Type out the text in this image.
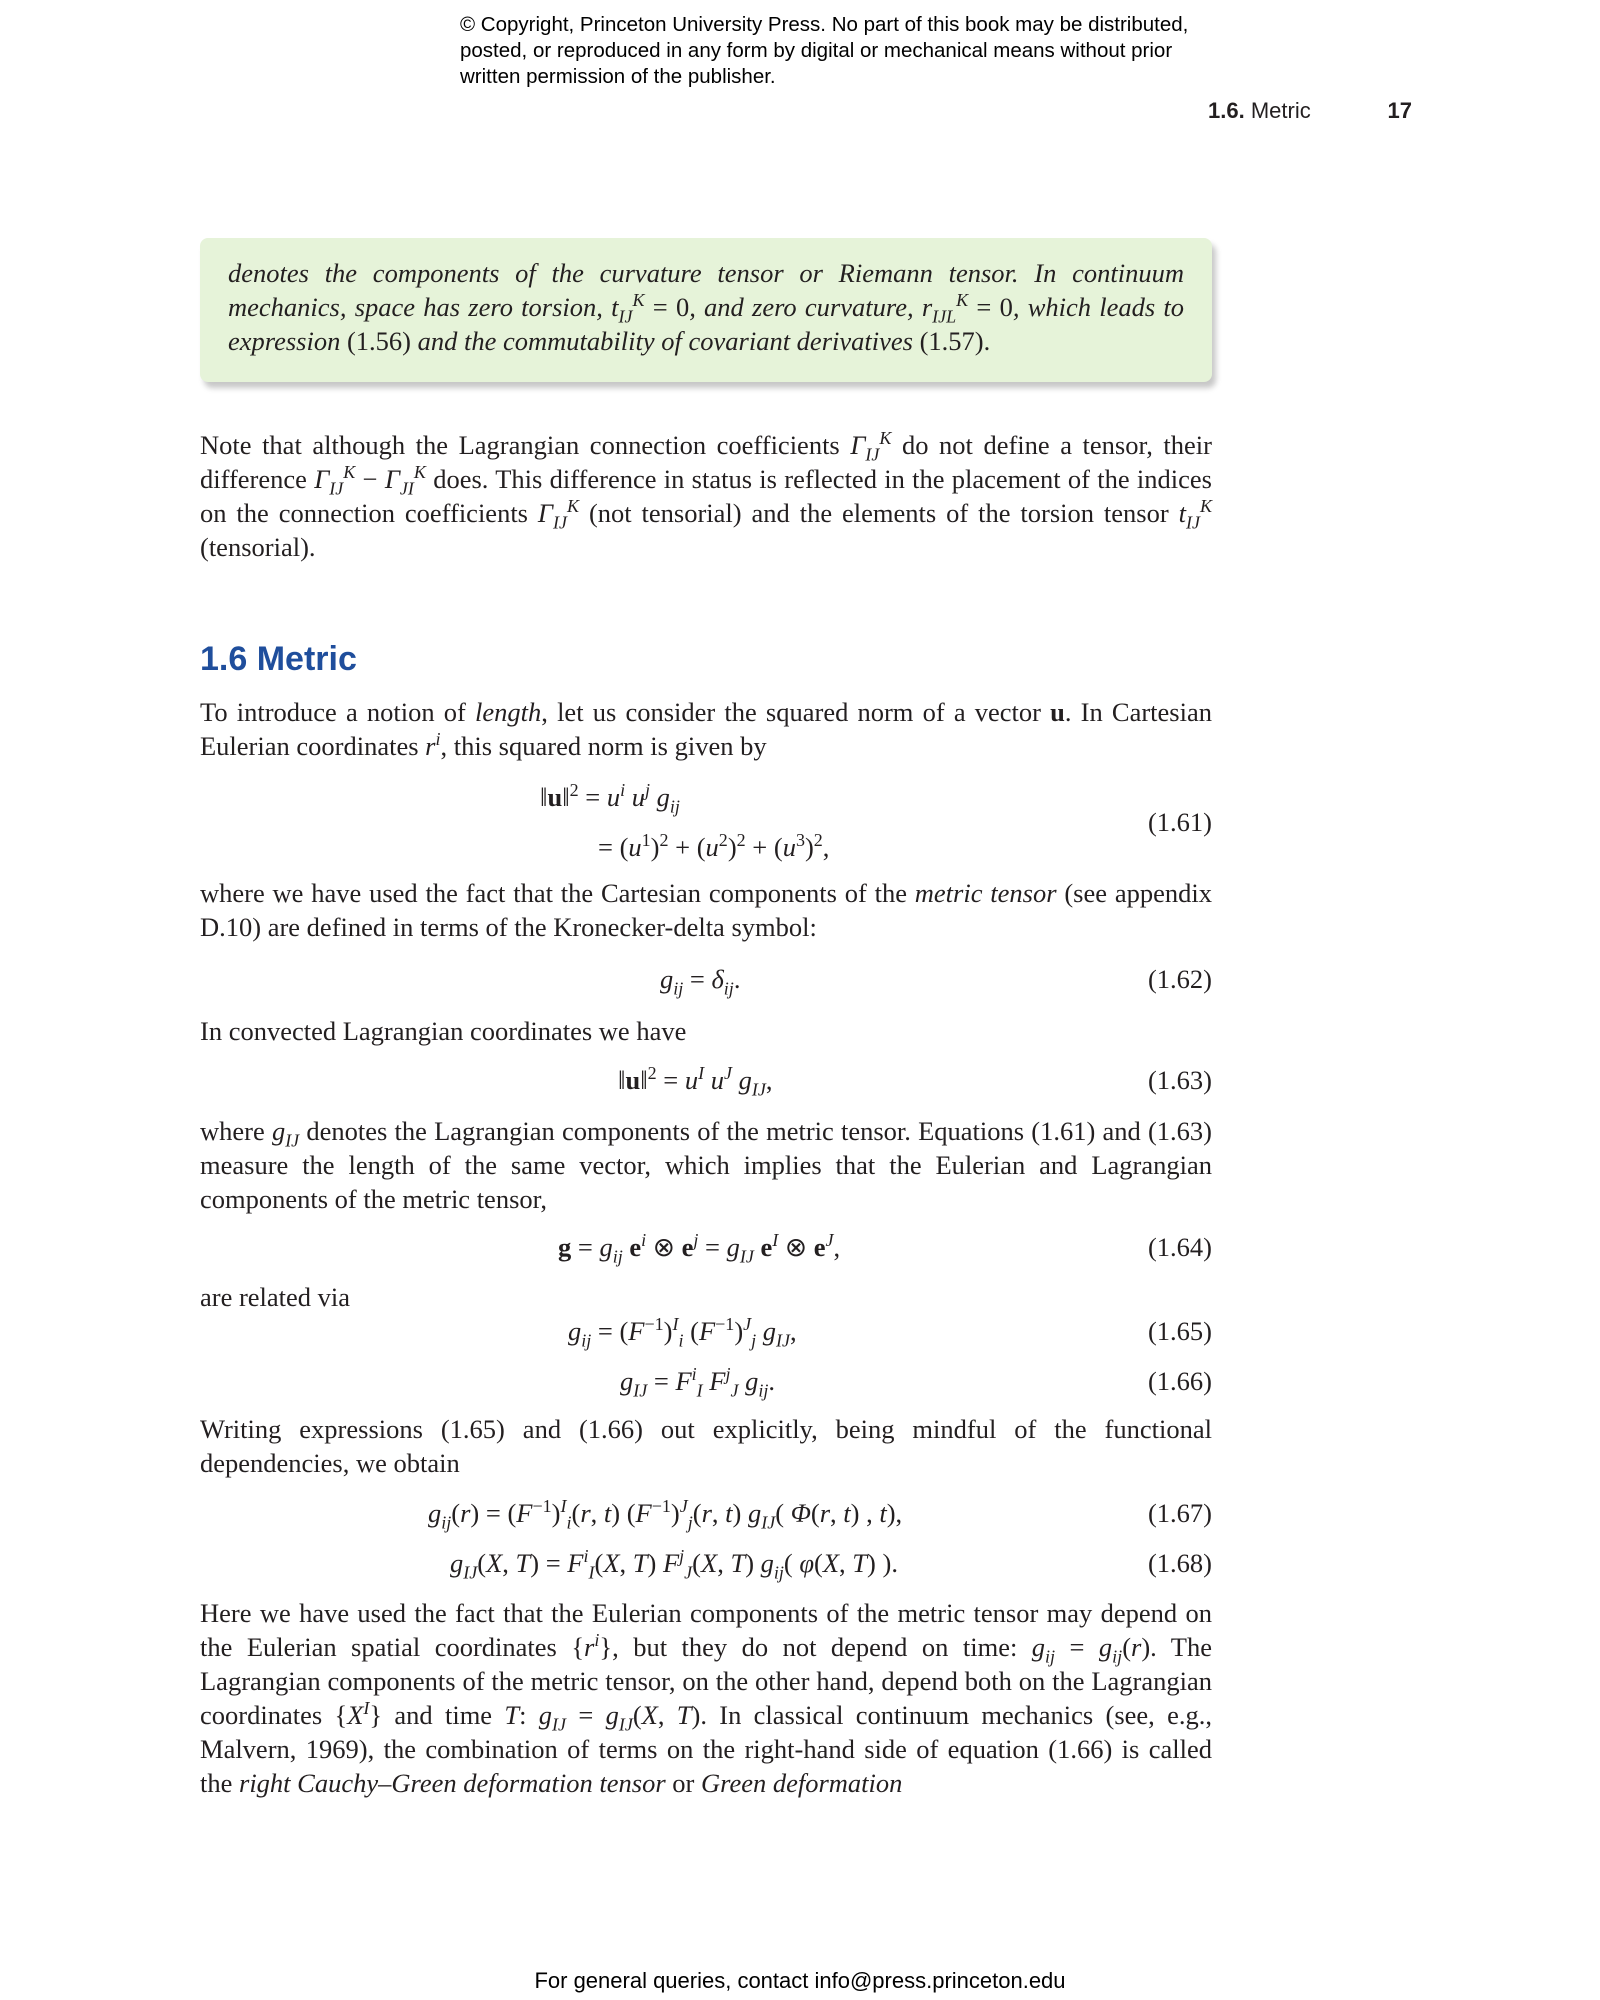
© Copyright, Princeton University Press. No part of this book may be distributed, posted, or reproduced in any form by digital or mechanical means without prior written permission of the publisher.
1.6. Metric	17
denotes the components of the curvature tensor or Riemann tensor. In continuum mechanics, space has zero torsion, $t_{IJ}^K = 0$, and zero curvature, $r_{IJL}^K = 0$, which leads to expression (1.56) and the commutability of covariant derivatives (1.57).
Note that although the Lagrangian connection coefficients $\Gamma_{IJ}^K$ do not define a tensor, their difference $\Gamma_{IJ}^K - \Gamma_{JI}^K$ does. This difference in status is reflected in the placement of the indices on the connection coefficients $\Gamma_{IJ}^K$ (not tensorial) and the elements of the torsion tensor $t_{IJ}^K$ (tensorial).
1.6 Metric
To introduce a notion of length, let us consider the squared norm of a vector u. In Cartesian Eulerian coordinates $r^i$, this squared norm is given by
‖u‖$^2$ = $u^i$ $u^j$ $g_{ij}$
= $(u^1)^2 + (u^2)^2 + (u^3)^2$,
(1.61)
where we have used the fact that the Cartesian components of the metric tensor (see appendix D.10) are defined in terms of the Kronecker-delta symbol:
$g_{ij} = \delta_{ij}$.	(1.62)
In convected Lagrangian coordinates we have
‖u‖$^2$ = $u^I$ $u^J$ $g_{IJ}$,	(1.63)
where $g_{IJ}$ denotes the Lagrangian components of the metric tensor. Equations (1.61) and (1.63) measure the length of the same vector, which implies that the Eulerian and Lagrangian components of the metric tensor,
$g = g_{ij}$ $e^i$ ⊗ $e^j = g_{IJ}$ $e^I$ ⊗ $e^J$,	(1.64)
are related via
$g_{ij} = (F^{-1})^I_i$ $(F^{-1})^J_j$ $g_{IJ}$,	(1.65)
$g_{IJ} = F^i_I$ $F^j_J$ $g_{ij}$.	(1.66)
Writing expressions (1.65) and (1.66) out explicitly, being mindful of the functional dependencies, we obtain
$g_{ij}(r) = (F^{-1})^I_i(r$, t) $(F^{-1})^J_j(r$, t) $g_{IJ}$( Φ(r, t) , t),	(1.67)
$g_{IJ}(X$, $T) = F^i_I(X$, T) $F^j_J(X$, T) $g_{ij}$( φ(X, T) ).	(1.68)
Here we have used the fact that the Eulerian components of the metric tensor may depend on the Eulerian spatial coordinates $\{r^i\}$, but they do not depend on time: $g_{ij} = g_{ij}(r)$. The Lagrangian components of the metric tensor, on the other hand, depend both on the Lagrangian coordinates $\{X^I\}$ and time T: $g_{IJ} = g_{IJ}(X$, T). In classical continuum mechanics (see, e.g., Malvern, 1969), the combination of terms on the right-hand side of equation (1.66) is called the right Cauchy–Green deformation tensor or Green deformation
For general queries, contact info@press.princeton.edu
